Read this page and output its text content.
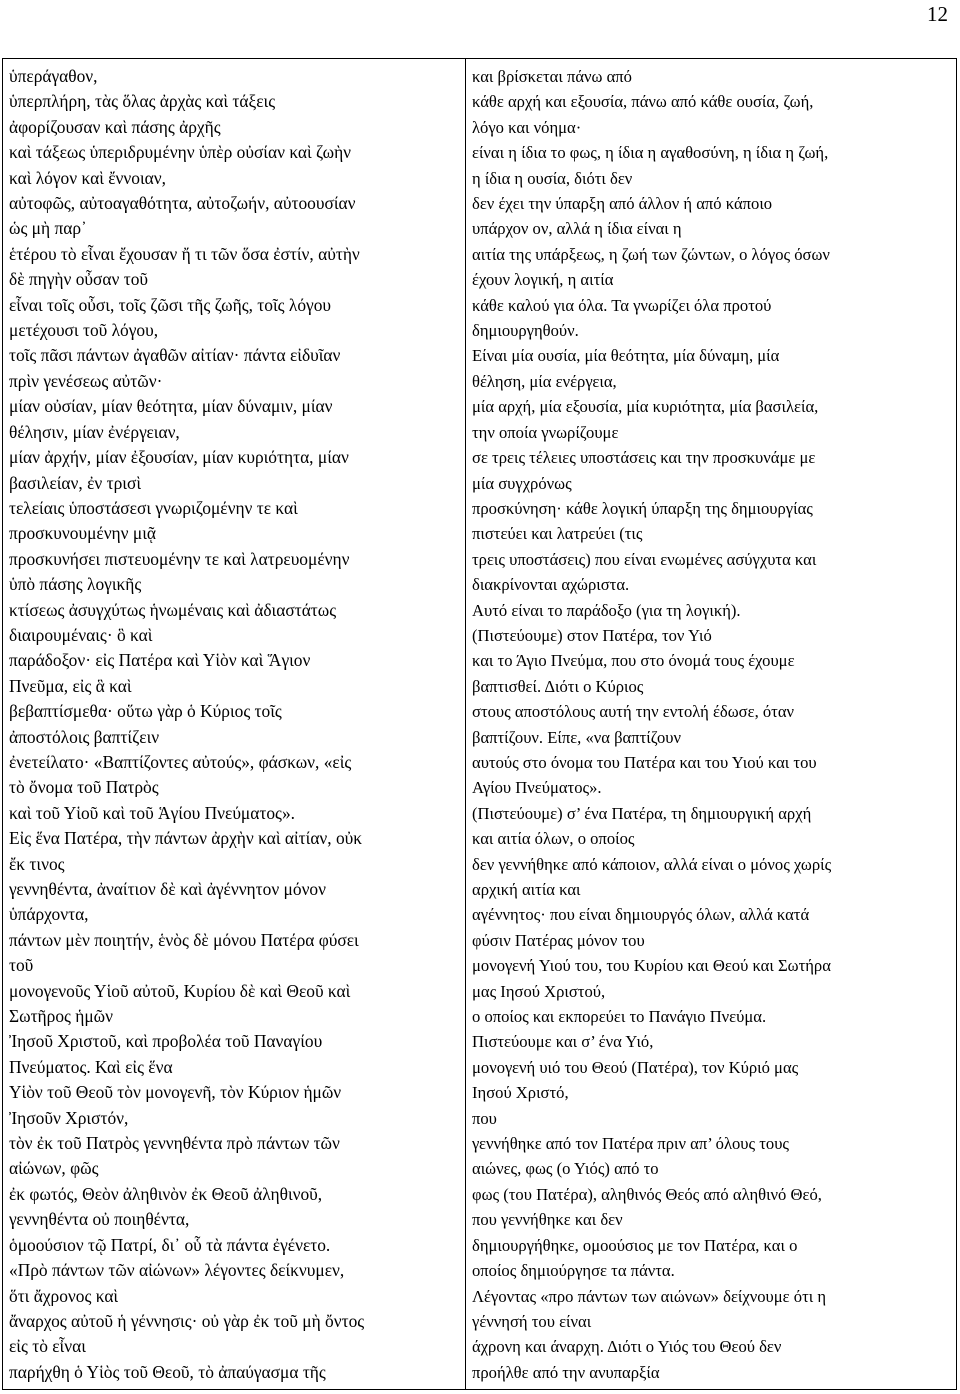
12
ὑπεράγαθον,
ὑπερπλήρη, τὰς ὅλας ἀρχὰς καὶ τάξεις
ἀφορίζουσαν καὶ πάσης ἀρχῆς
καὶ τάξεως ὑπεριδρυμένην ὑπὲρ οὐσίαν καὶ ζωὴν
καὶ λόγον καὶ ἔννοιαν,
αὐτοφῶς, αὐτοαγαθότητα, αὐτοζωήν, αὐτοουσίαν
ὡς μὴ παρ᾽
ἑτέρου τὸ εἶναι ἔχουσαν ἤ τι τῶν ὅσα ἐστίν, αὐτὴν
δὲ πηγὴν οὖσαν τοῦ
εἶναι τοῖς οὖσι, τοῖς ζῶσι τῆς ζωῆς, τοῖς λόγου
μετέχουσι τοῦ λόγου,
τοῖς πᾶσι πάντων ἀγαθῶν αἰτίαν· πάντα εἰδυῖαν
πρὶν γενέσεως αὐτῶν·
μίαν οὐσίαν, μίαν θεότητα, μίαν δύναμιν, μίαν
θέλησιν, μίαν ἐνέργειαν,
μίαν ἀρχήν, μίαν ἐξουσίαν, μίαν κυριότητα, μίαν
βασιλείαν, ἐν τρισὶ
τελείαις ὑποστάσεσι γνωριζομένην τε καὶ
προσκυνουμένην μιᾷ
προσκυνήσει πιστευομένην τε καὶ λατρευομένην
ὑπὸ πάσης λογικῆς
κτίσεως ἀσυγχύτως ἡνωμέναις καὶ ἀδιαστάτως
διαιρουμέναις· ὃ καὶ
παράδοξον· εἰς Πατέρα καὶ Υἱὸν καὶ Ἅγιον
Πνεῦμα, εἰς ἃ καὶ
βεβαπτίσμεθα· οὕτω γὰρ ὁ Κύριος τοῖς
ἀποστόλοις βαπτίζειν
ἐνετείλατο· «Βαπτίζοντες αὐτούς», φάσκων, «εἰς
τὸ ὄνομα τοῦ Πατρὸς
καὶ τοῦ Υἱοῦ καὶ τοῦ Ἁγίου Πνεύματος».
Εἰς ἕνα Πατέρα, τὴν πάντων ἀρχὴν καὶ αἰτίαν, οὐκ
ἔκ τινος
γεννηθέντα, ἀναίτιον δὲ καὶ ἀγέννητον μόνον
ὑπάρχοντα,
πάντων μὲν ποιητήν, ἑνὸς δὲ μόνου Πατέρα φύσει
τοῦ
μονογενοῦς Υἱοῦ αὐτοῦ, Κυρίου δὲ καὶ Θεοῦ καὶ
Σωτῆρος ἡμῶν
Ἰησοῦ Χριστοῦ, καὶ προβολέα τοῦ Παναγίου
Πνεύματος. Καὶ εἰς ἕνα
Υἱὸν τοῦ Θεοῦ τὸν μονογενῆ, τὸν Κύριον ἡμῶν
Ἰησοῦν Χριστόν,
τὸν ἐκ τοῦ Πατρὸς γεννηθέντα πρὸ πάντων τῶν
αἰώνων, φῶς
ἐκ φωτός, Θεὸν ἀληθινὸν ἐκ Θεοῦ ἀληθινοῦ,
γεννηθέντα οὐ ποιηθέντα,
ὁμοούσιον τῷ Πατρί, δι᾽ οὗ τὰ πάντα ἐγένετο.
«Πρὸ πάντων τῶν αἰώνων» λέγοντες δείκνυμεν,
ὅτι ἄχρονος καὶ
ἄναρχος αὐτοῦ ἡ γέννησις· οὐ γὰρ ἐκ τοῦ μὴ ὄντος
εἰς τὸ εἶναι
παρήχθη ὁ Υἱὸς τοῦ Θεοῦ, τὸ ἀπαύγασμα τῆς
και βρίσκεται πάνω από
κάθε αρχή και εξουσία, πάνω από κάθε ουσία, ζωή,
λόγο και νόημα·
είναι η ίδια το φως, η ίδια η αγαθοσύνη, η ίδια η ζωή,
η ίδια η ουσία, διότι δεν
δεν έχει την ύπαρξη από άλλον ή από κάποιο
υπάρχον ον, αλλά η ίδια είναι η
αιτία της υπάρξεως, η ζωή των ζώντων, ο λόγος όσων
έχουν λογική, η αιτία
κάθε καλού για όλα. Τα γνωρίζει όλα προτού
δημιουργηθούν.
Είναι μία ουσία, μία θεότητα, μία δύναμη, μία
θέληση, μία ενέργεια,
μία αρχή, μία εξουσία, μία κυριότητα, μία βασιλεία,
την οποία γνωρίζουμε
σε τρεις τέλειες υποστάσεις και την προσκυνάμε με
μία συγχρόνως
προσκύνηση· κάθε λογική ύπαρξη της δημιουργίας
πιστεύει και λατρεύει (τις
τρεις υποστάσεις) που είναι ενωμένες ασύγχυτα και
διακρίνονται αχώριστα.
Αυτό είναι το παράδοξο (για τη λογική).
(Πιστεύουμε) στον Πατέρα, τον Υιό
και το Άγιο Πνεύμα, που στο όνομά τους έχουμε
βαπτισθεί. Διότι ο Κύριος
στους αποστόλους αυτή την εντολή έδωσε, όταν
βαπτίζουν. Είπε, «να βαπτίζουν
αυτούς στο όνομα του Πατέρα και του Υιού και του
Αγίου Πνεύματος».
(Πιστεύουμε) σ’ ένα Πατέρα, τη δημιουργική αρχή
και αιτία όλων, ο οποίος
δεν γεννήθηκε από κάποιον, αλλά είναι ο μόνος χωρίς
αρχική αιτία και
αγέννητος· που είναι δημιουργός όλων, αλλά κατά
φύσιν Πατέρας μόνον του
μονογενή Υιού του, του Κυρίου και Θεού και Σωτήρα
μας Ιησού Χριστού,
ο οποίος και εκπορεύει το Πανάγιο Πνεύμα.
Πιστεύουμε και σ’ ένα Υιό,
μονογενή υιό του Θεού (Πατέρα), τον Κύριό μας
Ιησού Χριστό,
που
γεννήθηκε από τον Πατέρα πριν απ’ όλους τους
αιώνες, φως (ο Υιός) από το
φως (του Πατέρα), αληθινός Θεός από αληθινό Θεό,
που γεννήθηκε και δεν
δημιουργήθηκε, ομοούσιος με τον Πατέρα, και ο
οποίος δημιούργησε τα πάντα.
Λέγοντας «προ πάντων των αιώνων» δείχνουμε ότι η
γέννησή του είναι
άχρονη και άναρχη. Διότι ο Υιός του Θεού δεν
προήλθε από την ανυπαρξία
